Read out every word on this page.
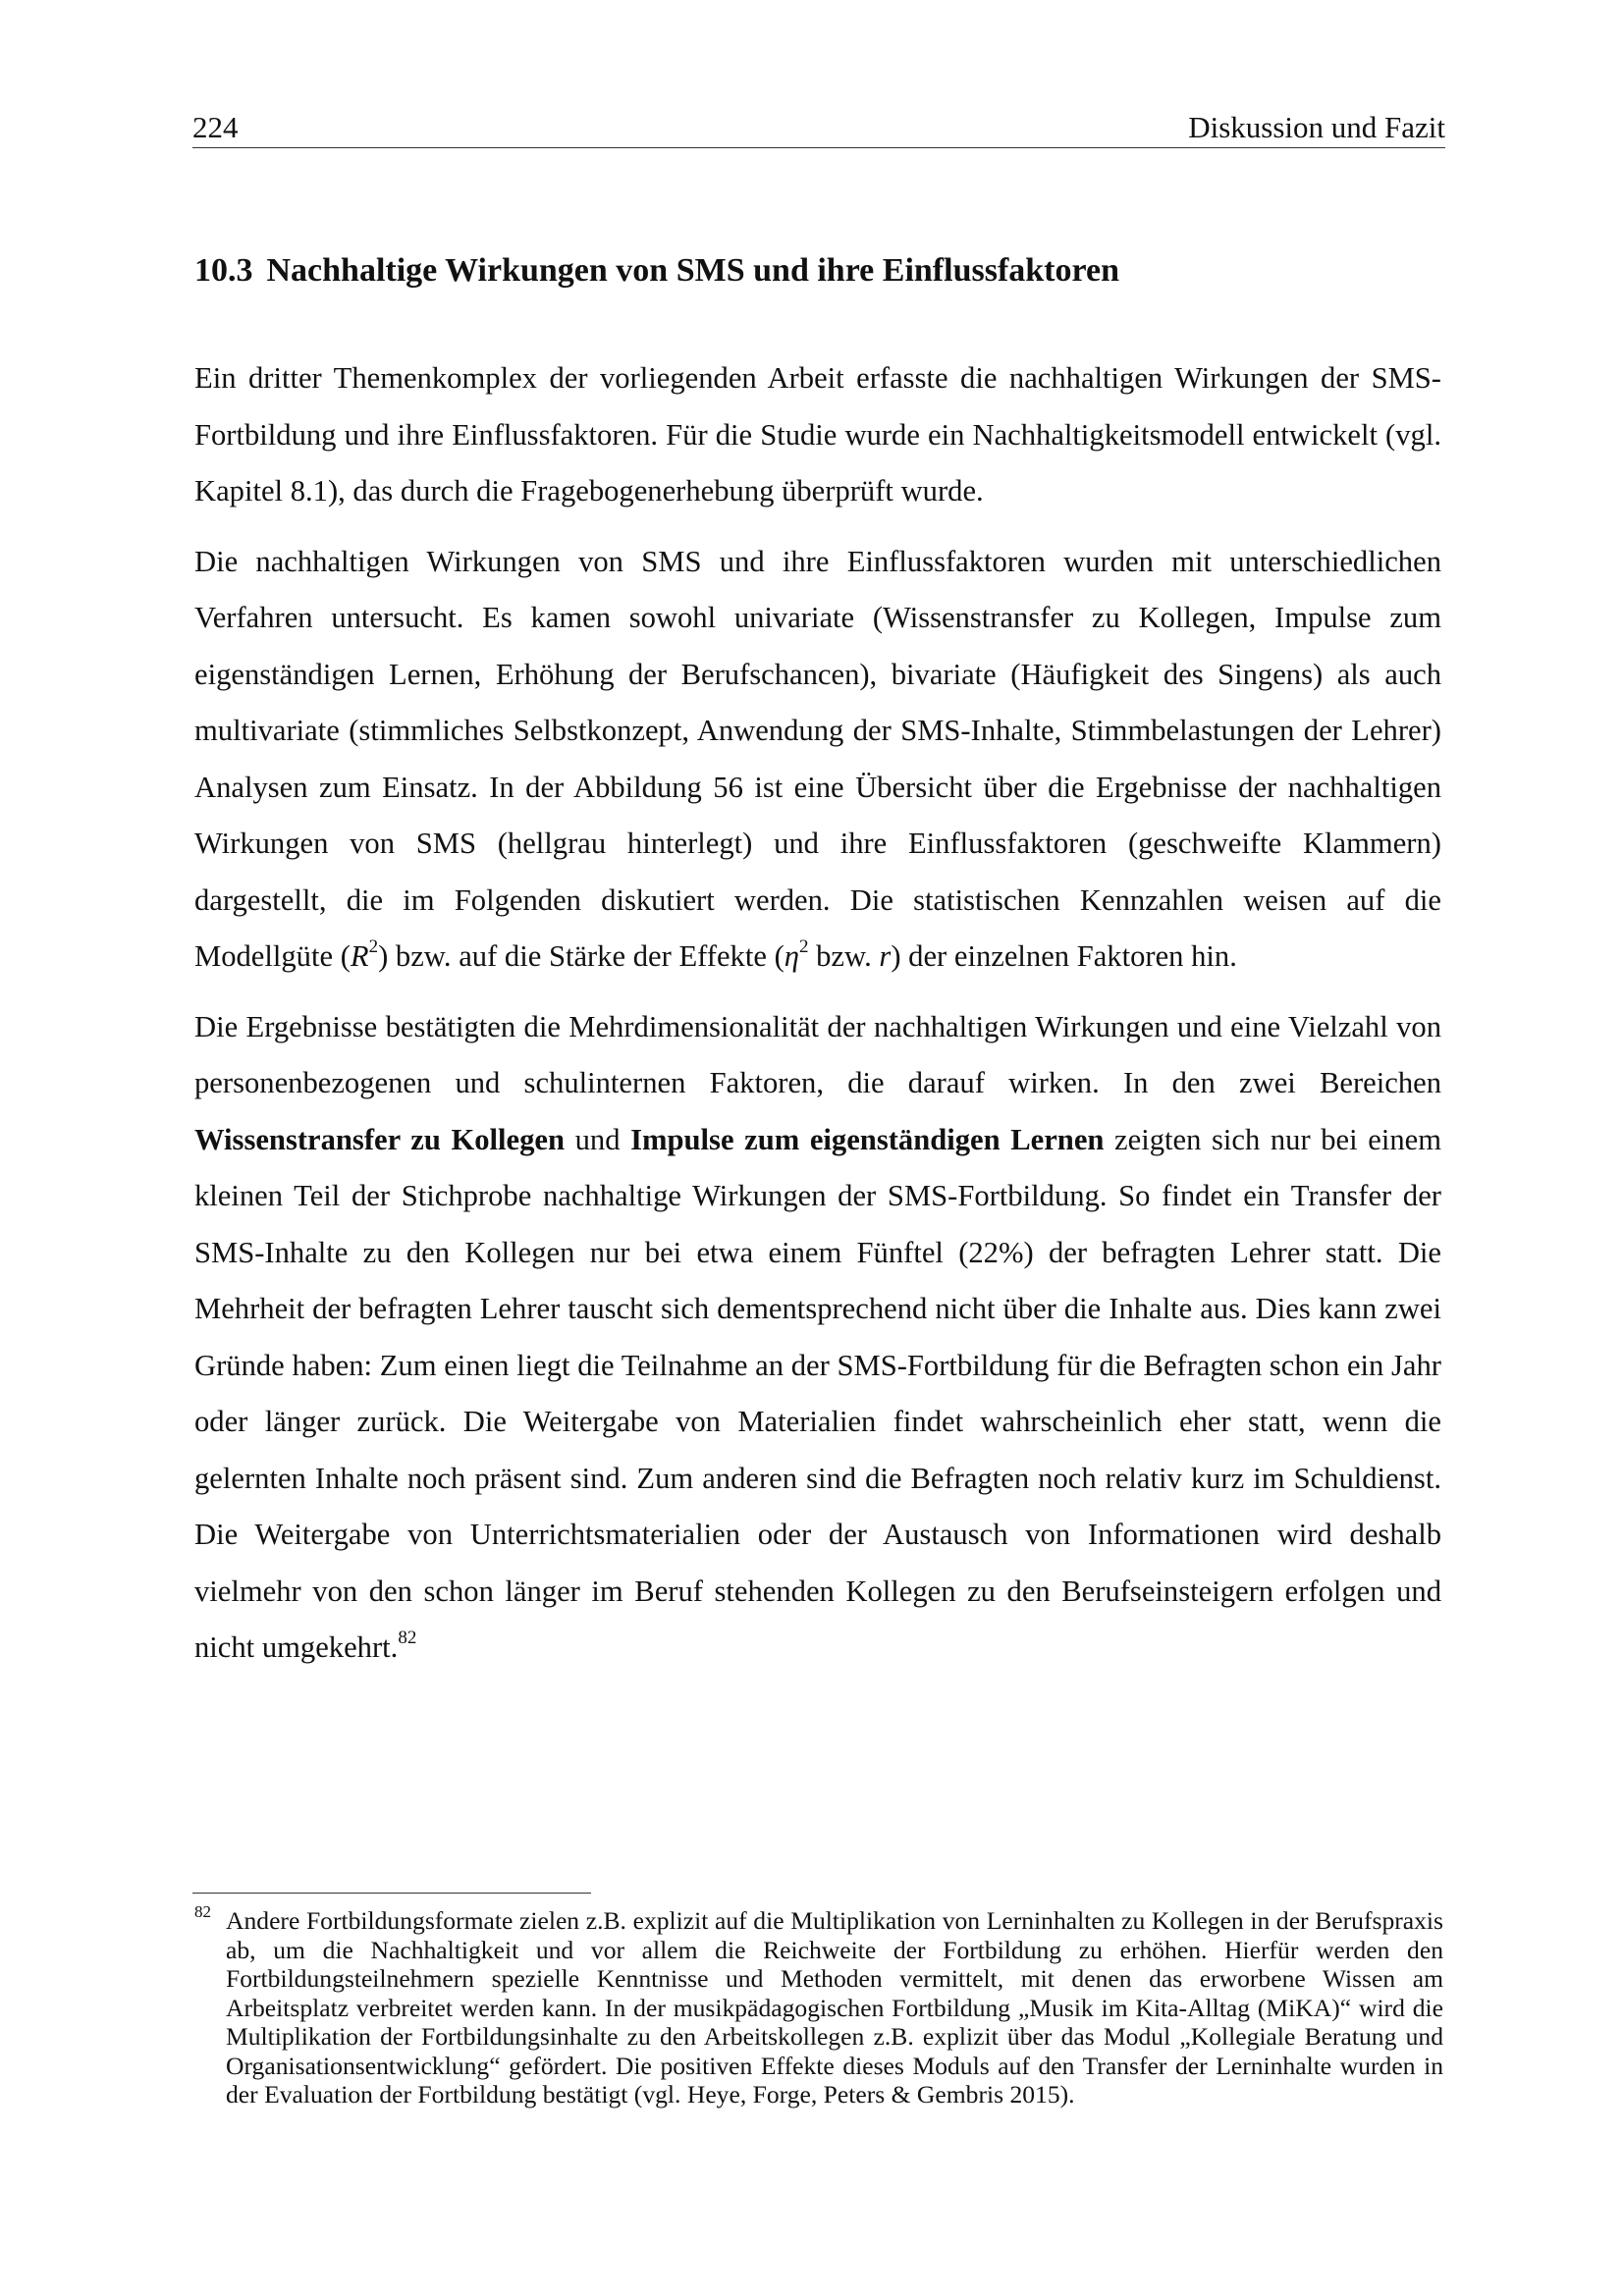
224	Diskussion und Fazit
10.3 Nachhaltige Wirkungen von SMS und ihre Einflussfaktoren

Ein dritter Themenkomplex der vorliegenden Arbeit erfasste die nachhaltigen Wirkungen der SMS-Fortbildung und ihre Einflussfaktoren. Für die Studie wurde ein Nachhaltigkeitsmodell entwickelt (vgl. Kapitel 8.1), das durch die Fragebogenerhebung überprüft wurde.

Die nachhaltigen Wirkungen von SMS und ihre Einflussfaktoren wurden mit unterschiedlichen Verfahren untersucht. Es kamen sowohl univariate (Wissenstransfer zu Kollegen, Impulse zum eigenständigen Lernen, Erhöhung der Berufschancen), bivariate (Häufigkeit des Singens) als auch multivariate (stimmliches Selbstkonzept, Anwendung der SMS-Inhalte, Stimmbelastungen der Lehrer) Analysen zum Einsatz. In der Abbildung 56 ist eine Übersicht über die Ergebnisse der nachhaltigen Wirkungen von SMS (hellgrau hinterlegt) und ihre Einflussfaktoren (geschweifte Klammern) dargestellt, die im Folgenden diskutiert werden. Die statistischen Kennzahlen weisen auf die Modellgüte $(R^2)$ bzw. auf die Stärke der Effekte ($\eta^2$ bzw. r) der einzelnen Faktoren hin.

Die Ergebnisse bestätigten die Mehrdimensionalität der nachhaltigen Wirkungen und eine Vielzahl von personenbezogenen und schulinternen Faktoren, die darauf wirken. In den zwei Bereichen Wissenstransfer zu Kollegen und Impulse zum eigenständigen Lernen zeigten sich nur bei einem kleinen Teil der Stichprobe nachhaltige Wirkungen der SMS-Fortbildung. So findet ein Transfer der SMS-Inhalte zu den Kollegen nur bei etwa einem Fünftel (22%) der befragten Lehrer statt. Die Mehrheit der befragten Lehrer tauscht sich dementsprechend nicht über die Inhalte aus. Dies kann zwei Gründe haben: Zum einen liegt die Teilnahme an der SMS-Fortbildung für die Befragten schon ein Jahr oder länger zurück. Die Weitergabe von Materialien findet wahrscheinlich eher statt, wenn die gelernten Inhalte noch präsent sind. Zum anderen sind die Befragten noch relativ kurz im Schuldienst. Die Weitergabe von Unterrichtsmaterialien oder der Austausch von Informationen wird deshalb vielmehr von den schon länger im Beruf stehenden Kollegen zu den Berufseinsteigern erfolgen und nicht umgekehrt.$^{82}$

82 Andere Fortbildungsformate zielen z.B. explizit auf die Multiplikation von Lerninhalten zu Kollegen in der Berufspraxis ab, um die Nachhaltigkeit und vor allem die Reichweite der Fortbildung zu erhöhen. Hierfür werden den Fortbildungsteilnehmern spezielle Kenntnisse und Methoden vermittelt, mit denen das erworbene Wissen am Arbeitsplatz verbreitet werden kann. In der musikpädagogischen Fortbildung „Musik im Kita-Alltag (MiKA)“ wird die Multiplikation der Fortbildungsinhalte zu den Arbeitskollegen z.B. explizit über das Modul „Kollegiale Beratung und Organisationsentwicklung“ gefördert. Die positiven Effekte dieses Moduls auf den Transfer der Lerninhalte wurden in der Evaluation der Fortbildung bestätigt (vgl. Heye, Forge, Peters & Gembris 2015).
